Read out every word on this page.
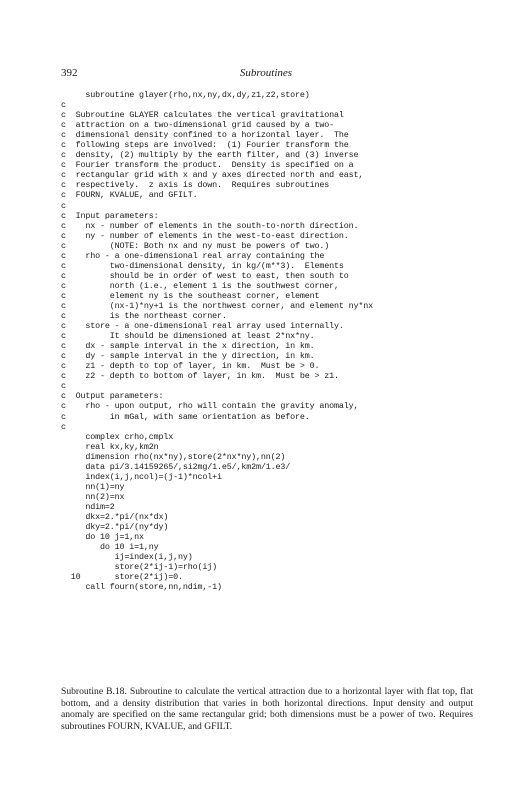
392	Subroutines
subroutine glayer(rho,nx,ny,dx,dy,z1,z2,store)
c
c  Subroutine GLAYER calculates the vertical gravitational
c  attraction on a two-dimensional grid caused by a two-
c  dimensional density confined to a horizontal layer.  The
c  following steps are involved:  (1) Fourier transform the
c  density, (2) multiply by the earth filter, and (3) inverse
c  Fourier transform the product.  Density is specified on a
c  rectangular grid with x and y axes directed north and east,
c  respectively.  z axis is down.  Requires subroutines
c  FOURN, KVALUE, and GFILT.
c
c  Input parameters:
c    nx - number of elements in the south-to-north direction.
c    ny - number of elements in the west-to-east direction.
c         (NOTE: Both nx and ny must be powers of two.)
c    rho - a one-dimensional real array containing the
c         two-dimensional density, in kg/(m**3).  Elements
c         should be in order of west to east, then south to
c         north (i.e., element 1 is the southwest corner,
c         element ny is the southeast corner, element
c         (nx-1)*ny+1 is the northwest corner, and element ny*nx
c         is the northeast corner.
c    store - a one-dimensional real array used internally.
c         It should be dimensioned at least 2*nx*ny.
c    dx - sample interval in the x direction, in km.
c    dy - sample interval in the y direction, in km.
c    z1 - depth to top of layer, in km.  Must be > 0.
c    z2 - depth to bottom of layer, in km.  Must be > z1.
c
c  Output parameters:
c    rho - upon output, rho will contain the gravity anomaly,
c         in mGal, with same orientation as before.
c
complex crho,cmplx
real kx,ky,km2n
dimension rho(nx*ny),store(2*nx*ny),nn(2)
data pi/3.14159265/,si2mg/1.e5/,km2m/1.e3/
index(i,j,ncol)=(j-1)*ncol+i
nn(1)=ny
nn(2)=nx
ndim=2
dkx=2.*pi/(nx*dx)
dky=2.*pi/(ny*dy)
do 10 j=1,nx
do 10 i=1,ny
ij=index(i,j,ny)
store(2*ij-1)=rho(ij)
10       store(2*ij)=0.
call fourn(store,nn,ndim,-1)

Subroutine B.18. Subroutine to calculate the vertical attraction due to a horizontal layer with flat top, flat bottom, and a density distribution that varies in both horizontal directions. Input density and output anomaly are specified on the same rectangular grid; both dimensions must be a power of two. Requires subroutines FOURN, KVALUE, and GFILT.
